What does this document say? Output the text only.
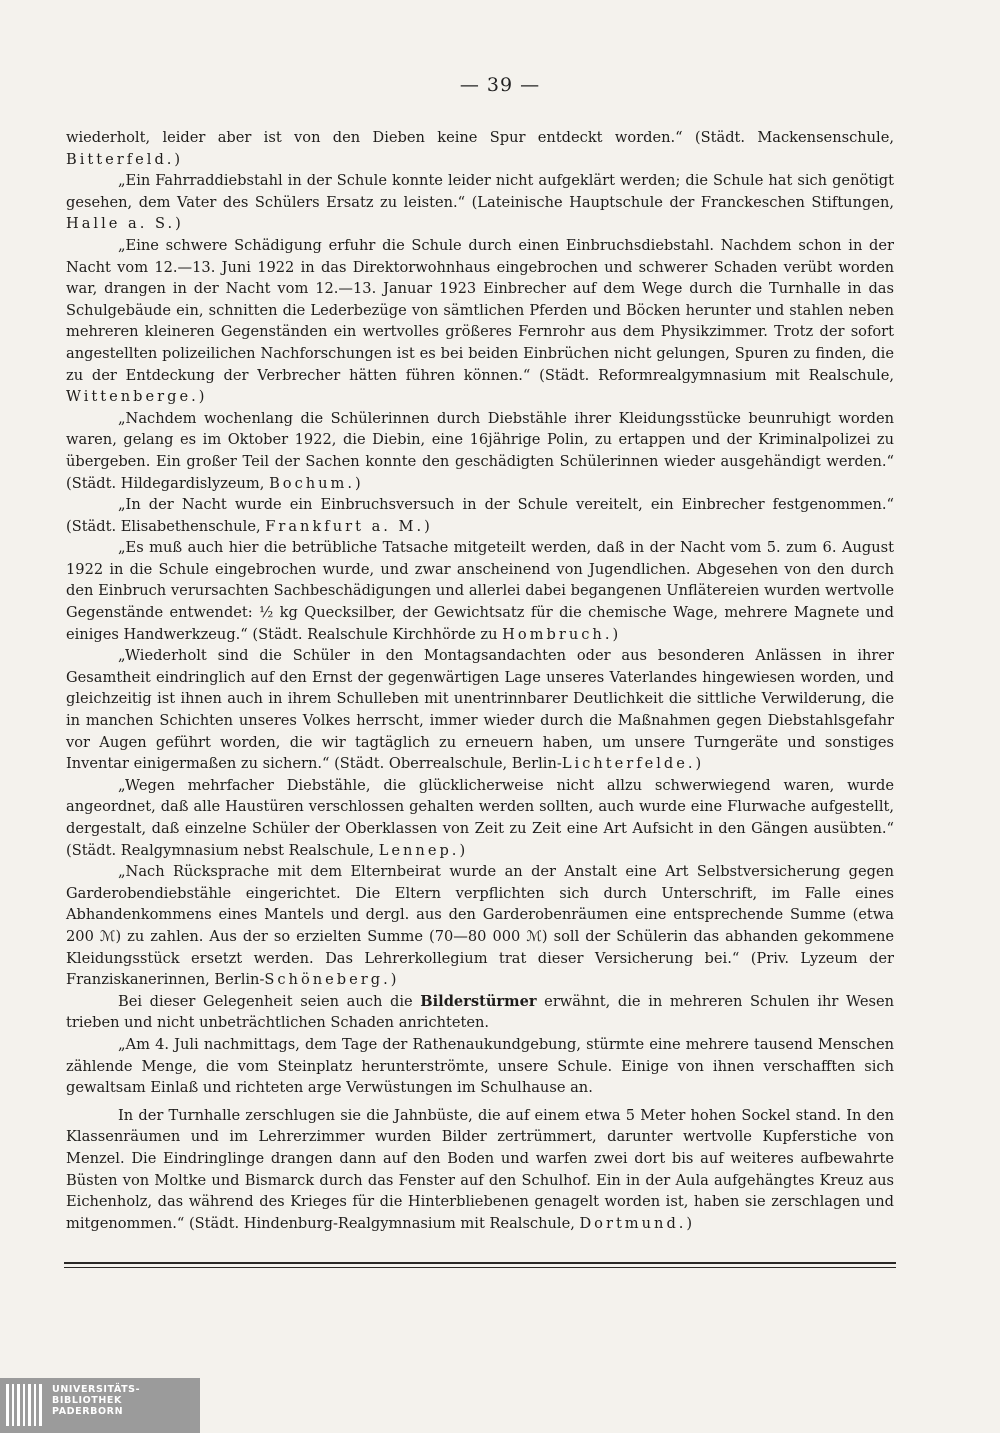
— 39 —

wiederholt, leider aber ist von den Dieben keine Spur entdeckt worden.“ (Städt. Mackensenschule, Bitterfeld.)

„Ein Fahrraddiebstahl in der Schule konnte leider nicht aufgeklärt werden; die Schule hat sich genötigt gesehen, dem Vater des Schülers Ersatz zu leisten.“ (Lateinische Hauptschule der Franckeschen Stiftungen, Halle a. S.)

„Eine schwere Schädigung erfuhr die Schule durch einen Einbruchsdiebstahl. Nachdem schon in der Nacht vom 12.—13. Juni 1922 in das Direktorwohnhaus eingebrochen und schwerer Schaden verübt worden war, drangen in der Nacht vom 12.—13. Januar 1923 Einbrecher auf dem Wege durch die Turnhalle in das Schulgebäude ein, schnitten die Lederbezüge von sämtlichen Pferden und Böcken herunter und stahlen neben mehreren kleineren Gegenständen ein wertvolles größeres Fernrohr aus dem Physikzimmer. Trotz der sofort angestellten polizeilichen Nachforschungen ist es bei beiden Einbrüchen nicht gelungen, Spuren zu finden, die zu der Entdeckung der Verbrecher hätten führen können.“ (Städt. Reformrealgymnasium mit Realschule, Wittenberge.)

„Nachdem wochenlang die Schülerinnen durch Diebstähle ihrer Kleidungsstücke beunruhigt worden waren, gelang es im Oktober 1922, die Diebin, eine 16jährige Polin, zu ertappen und der Kriminalpolizei zu übergeben. Ein großer Teil der Sachen konnte den geschädigten Schülerinnen wieder ausgehändigt werden.“ (Städt. Hildegardislyzeum, Bochum.)

„In der Nacht wurde ein Einbruchsversuch in der Schule vereitelt, ein Einbrecher festgenommen.“ (Städt. Elisabethenschule, Frankfurt a. M.)

„Es muß auch hier die betrübliche Tatsache mitgeteilt werden, daß in der Nacht vom 5. zum 6. August 1922 in die Schule eingebrochen wurde, und zwar anscheinend von Jugendlichen. Abgesehen von den durch den Einbruch verursachten Sachbeschädigungen und allerlei dabei begangenen Unflätereien wurden wertvolle Gegenstände entwendet: ½ kg Quecksilber, der Gewichtsatz für die chemische Wage, mehrere Magnete und einiges Handwerkzeug.“ (Städt. Realschule Kirchhörde zu Hombruch.)

„Wiederholt sind die Schüler in den Montagsandachten oder aus besonderen Anlässen in ihrer Gesamtheit eindringlich auf den Ernst der gegenwärtigen Lage unseres Vaterlandes hingewiesen worden, und gleichzeitig ist ihnen auch in ihrem Schulleben mit unentrinnbarer Deutlichkeit die sittliche Verwilderung, die in manchen Schichten unseres Volkes herrscht, immer wieder durch die Maßnahmen gegen Diebstahlsgefahr vor Augen geführt worden, die wir tagtäglich zu erneuern haben, um unsere Turngeräte und sonstiges Inventar einigermaßen zu sichern.“ (Städt. Oberrealschule, Berlin-Lichterfelde.)

„Wegen mehrfacher Diebstähle, die glücklicherweise nicht allzu schwerwiegend waren, wurde angeordnet, daß alle Haustüren verschlossen gehalten werden sollten, auch wurde eine Flurwache aufgestellt, dergestalt, daß einzelne Schüler der Oberklassen von Zeit zu Zeit eine Art Aufsicht in den Gängen ausübten.“ (Städt. Realgymnasium nebst Realschule, Lennep.)

„Nach Rücksprache mit dem Elternbeirat wurde an der Anstalt eine Art Selbstversicherung gegen Garderobendiebstähle eingerichtet. Die Eltern verpflichten sich durch Unterschrift, im Falle eines Abhandenkommens eines Mantels und dergl. aus den Garderobenräumen eine entsprechende Summe (etwa 200 ℳ) zu zahlen. Aus der so erzielten Summe (70—80 000 ℳ) soll der Schülerin das abhanden gekommene Kleidungsstück ersetzt werden. Das Lehrerkollegium trat dieser Versicherung bei.“ (Priv. Lyzeum der Franziskanerinnen, Berlin-Schöneberg.)

Bei dieser Gelegenheit seien auch die Bilderstürmer erwähnt, die in mehreren Schulen ihr Wesen trieben und nicht unbeträchtlichen Schaden anrichteten.

„Am 4. Juli nachmittags, dem Tage der Rathenaukundgebung, stürmte eine mehrere tausend Menschen zählende Menge, die vom Steinplatz herunterströmte, unsere Schule. Einige von ihnen verschafften sich gewaltsam Einlaß und richteten arge Verwüstungen im Schulhause an.

In der Turnhalle zerschlugen sie die Jahnbüste, die auf einem etwa 5 Meter hohen Sockel stand. In den Klassenräumen und im Lehrerzimmer wurden Bilder zertrümmert, darunter wertvolle Kupferstiche von Menzel. Die Eindringlinge drangen dann auf den Boden und warfen zwei dort bis auf weiteres aufbewahrte Büsten von Moltke und Bismarck durch das Fenster auf den Schulhof. Ein in der Aula aufgehängtes Kreuz aus Eichenholz, das während des Krieges für die Hinterbliebenen genagelt worden ist, haben sie zerschlagen und mitgenommen.“ (Städt. Hindenburg-Realgymnasium mit Realschule, Dortmund.)

UNIVERSITÄTS-
BIBLIOTHEK
PADERBORN
